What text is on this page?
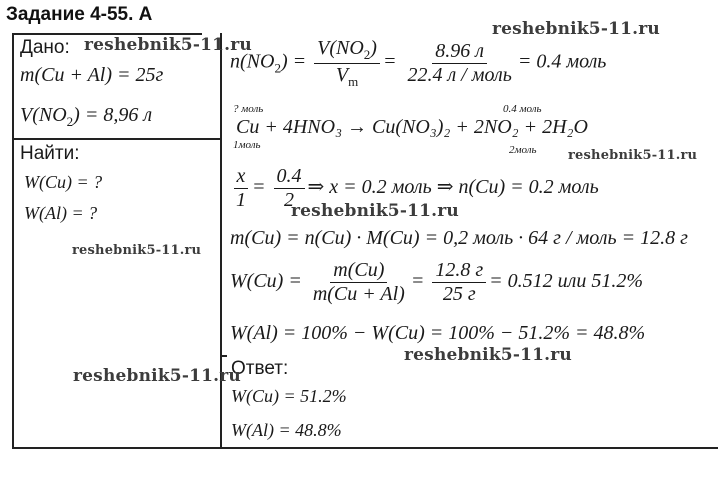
Задание 4-55. А
Дано:
m(Cu + Al) = 25г
$V(NO_2) = 8,96$ л
Найти:
W(Cu) = ?
W(Al) = ?
$n(NO_2) = \frac{V(NO_2)}{V_m} = \frac{8.96 л}{\text{22.4 л / моль}} = 0.4$ моль
? моль	0.4 моль
Cu + 4HNO₃ → Cu(NO₃)₂ + 2NO₂ + 2H₂O
1моль	2моль
$\frac{x}{1} = \frac{0.4}{2}$ ⇒ x = 0.2 моль ⇒ n(Cu) = 0.2 моль
m(Cu) = n(Cu) · M(Cu) = 0,2 моль · 64 г / моль = 12.8 г
$W(Cu) = \frac{m(Cu)}{m(Cu + Al)} = \frac{12.8 г}{25 г} = 0.512$ или 51.2%
W(Al) = 100% − W(Cu) = 100% − 51.2% = 48.8%
Ответ:
W(Cu) = 51.2%
W(Al) = 48.8%
reshebnik5-11.ru
reshebnik5-11.ru
reshebnik5-11.ru
reshebnik5-11.ru
reshebnik5-11.ru
reshebnik5-11.ru
reshebnik5-11.ru
